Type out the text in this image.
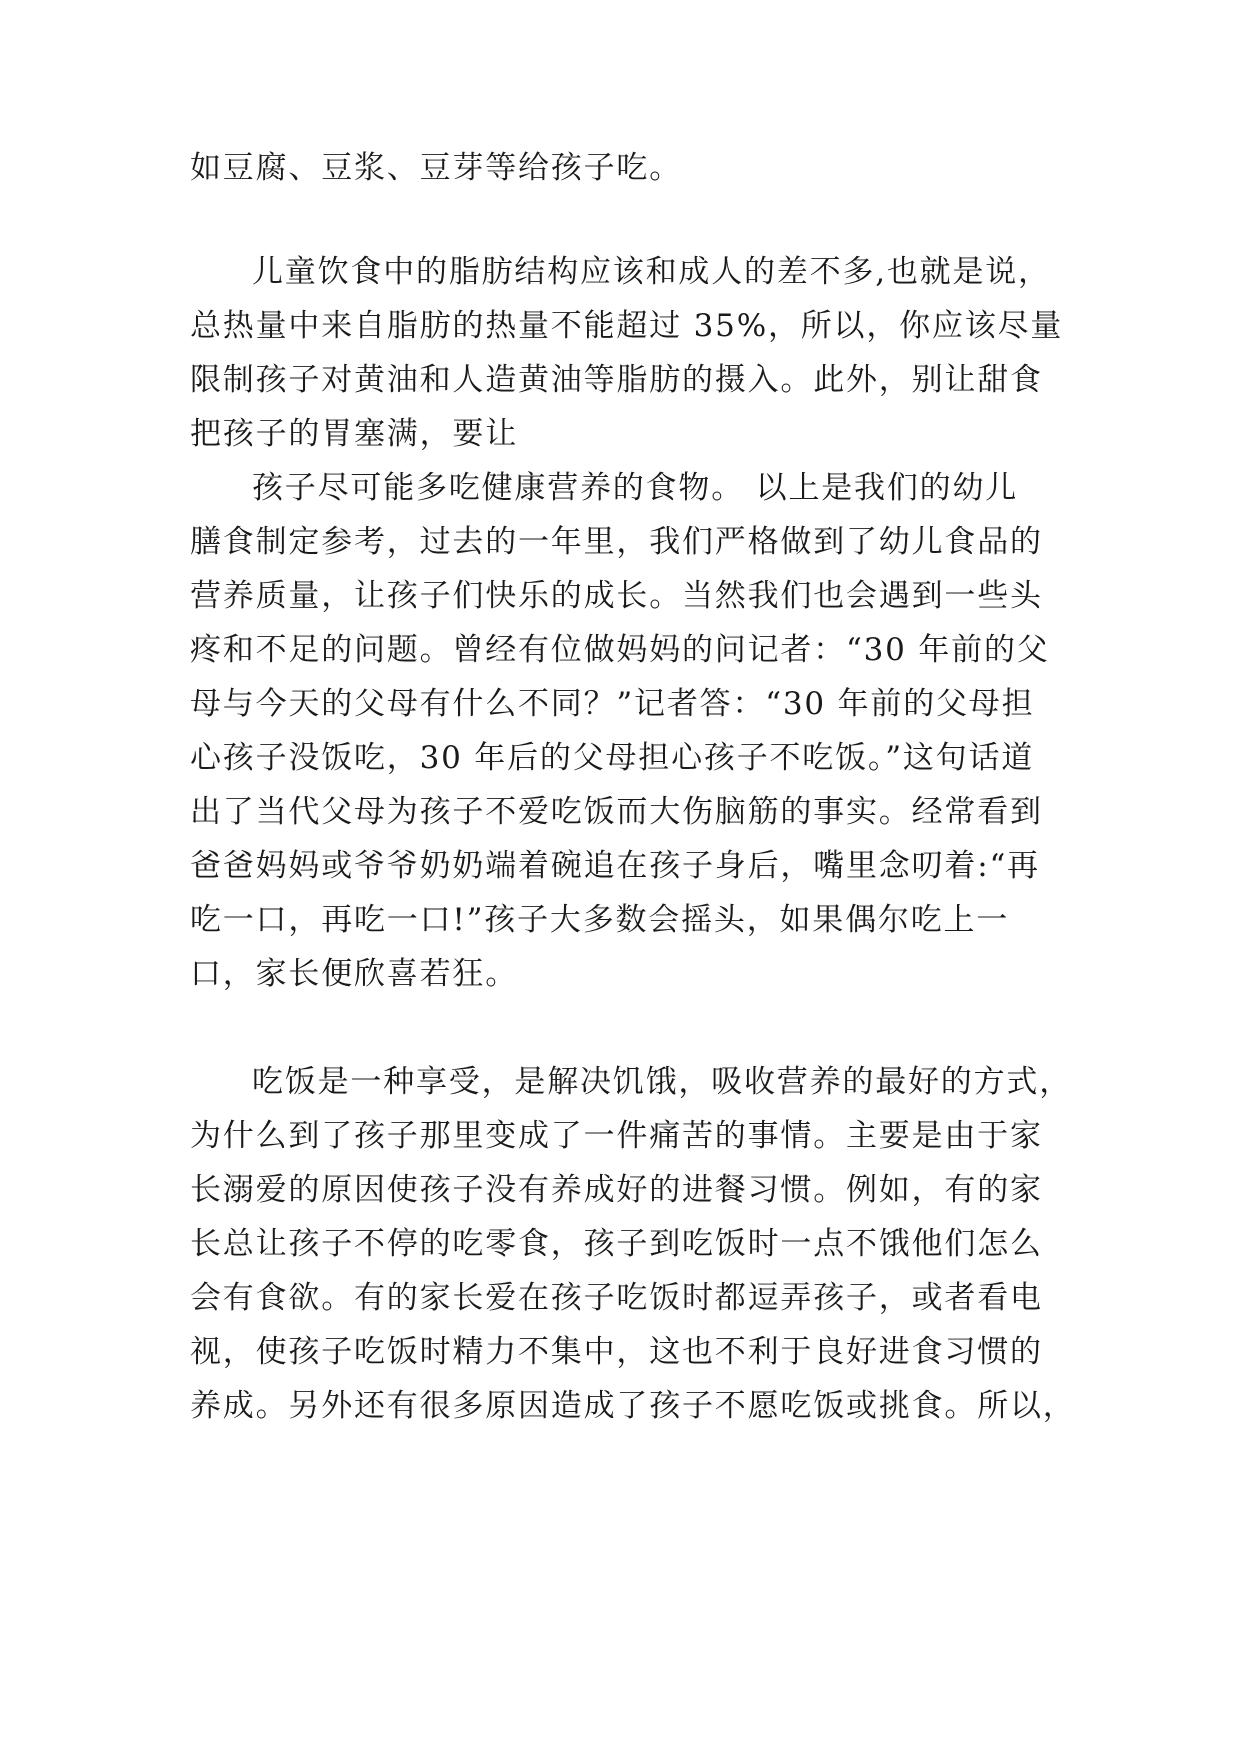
如豆腐、豆浆、豆芽等给孩子吃。
儿童饮食中的脂肪结构应该和成人的差不多,也就是说，
总热量中来自脂肪的热量不能超过 35%，所以，你应该尽量
限制孩子对黄油和人造黄油等脂肪的摄入。此外，别让甜食
把孩子的胃塞满，要让
孩子尽可能多吃健康营养的食物。 以上是我们的幼儿
膳食制定参考，过去的一年里，我们严格做到了幼儿食品的
营养质量，让孩子们快乐的成长。当然我们也会遇到一些头
疼和不足的问题。曾经有位做妈妈的问记者：“30 年前的父
母与今天的父母有什么不同？”记者答：“30 年前的父母担
心孩子没饭吃，30 年后的父母担心孩子不吃饭。”这句话道
出了当代父母为孩子不爱吃饭而大伤脑筋的事实。经常看到
爸爸妈妈或爷爷奶奶端着碗追在孩子身后，嘴里念叨着:“再
吃一口，再吃一口!”孩子大多数会摇头，如果偶尔吃上一
口，家长便欣喜若狂。
吃饭是一种享受，是解决饥饿，吸收营养的最好的方式，
为什么到了孩子那里变成了一件痛苦的事情。主要是由于家
长溺爱的原因使孩子没有养成好的进餐习惯。例如，有的家
长总让孩子不停的吃零食，孩子到吃饭时一点不饿他们怎么
会有食欲。有的家长爱在孩子吃饭时都逗弄孩子，或者看电
视，使孩子吃饭时精力不集中，这也不利于良好进食习惯的
养成。另外还有很多原因造成了孩子不愿吃饭或挑食。所以，
